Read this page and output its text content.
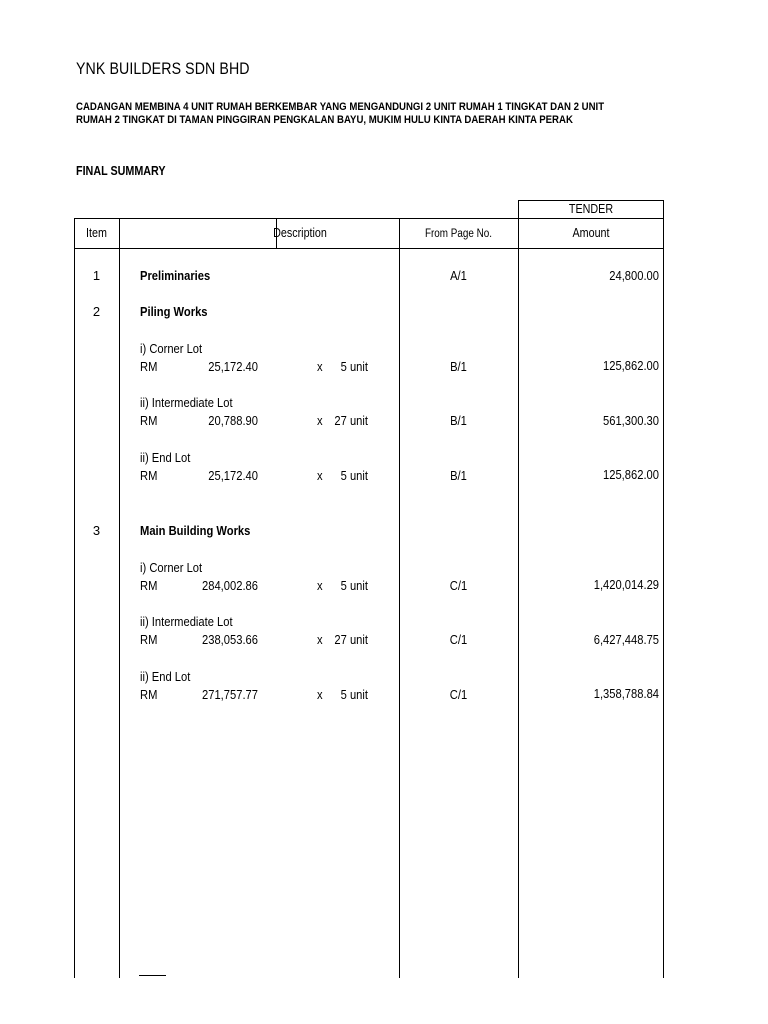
YNK BUILDERS SDN BHD
CADANGAN MEMBINA 4 UNIT RUMAH BERKEMBAR YANG MENGANDUNGI 2 UNIT RUMAH 1 TINGKAT DAN 2 UNIT
RUMAH 2 TINGKAT DI TAMAN PINGGIRAN PENGKALAN BAYU, MUKIM HULU KINTA DAERAH KINTA PERAK
FINAL SUMMARY
TENDER
Item	Description	From Page No.	Amount
1	Preliminaries	A/1	24,800.00
2	Piling Works
i) Corner Lot
RM	25,172.40	x	5 unit	B/1	125,862.00
ii) Intermediate Lot
RM	20,788.90	x 27 unit	B/1	561,300.30
ii) End Lot
RM	25,172.40	x	5 unit	B/1	125,862.00
3	Main Building Works
i) Corner Lot
RM	284,002.86	x	5 unit	C/1	1,420,014.29
ii) Intermediate Lot
RM	238,053.66	x 27 unit	C/1	6,427,448.75
ii) End Lot
RM	271,757.77	x	5 unit	C/1	1,358,788.84
